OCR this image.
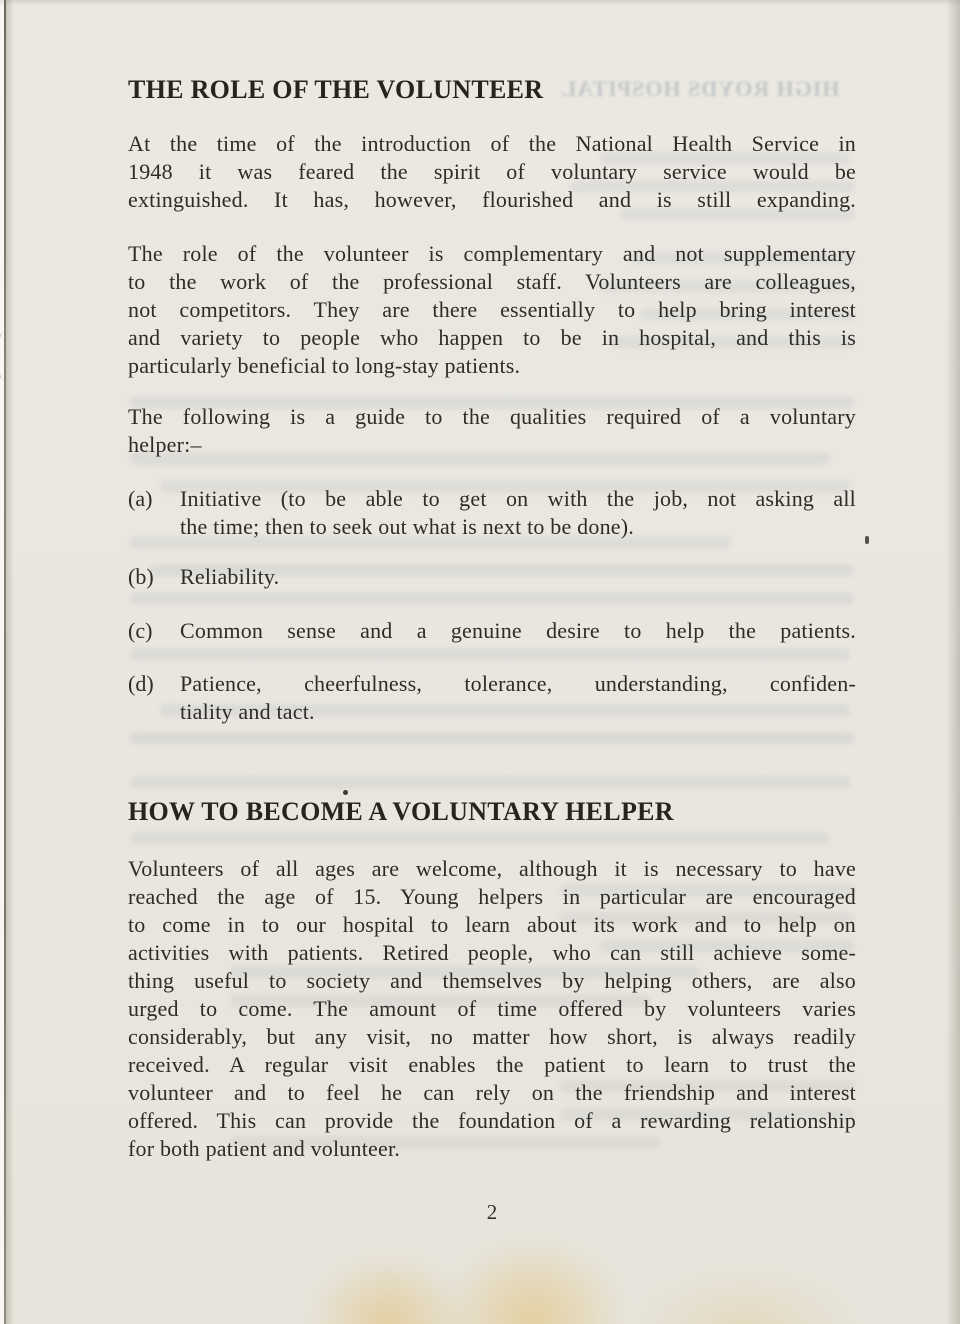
HIGH ROYDS HOSPITAL
THE ROLE OF THE VOLUNTEER
At the time of the introduction of the National Health Service in
1948 it was feared the spirit of voluntary service would be
extinguished. It has, however, flourished and is still expanding.
The role of the volunteer is complementary and not supplementary
to the work of the professional staff. Volunteers are colleagues,
not competitors. They are there essentially to help bring interest
and variety to people who happen to be in hospital, and this is
particularly beneficial to long-stay patients.
The following is a guide to the qualities required of a voluntary
helper:–
(a) Initiative (to be able to get on with the job, not asking all
the time; then to seek out what is next to be done).
(b) Reliability.
(c) Common sense and a genuine desire to help the patients.
(d) Patience, cheerfulness, tolerance, understanding, confiden-
tiality and tact.
HOW TO BECOME A VOLUNTARY HELPER
Volunteers of all ages are welcome, although it is necessary to have
reached the age of 15. Young helpers in particular are encouraged
to come in to our hospital to learn about its work and to help on
activities with patients. Retired people, who can still achieve some-
thing useful to society and themselves by helping others, are also
urged to come. The amount of time offered by volunteers varies
considerably, but any visit, no matter how short, is always readily
received. A regular visit enables the patient to learn to trust the
volunteer and to feel he can rely on the friendship and interest
offered. This can provide the foundation of a rewarding relationship
for both patient and volunteer.
2
